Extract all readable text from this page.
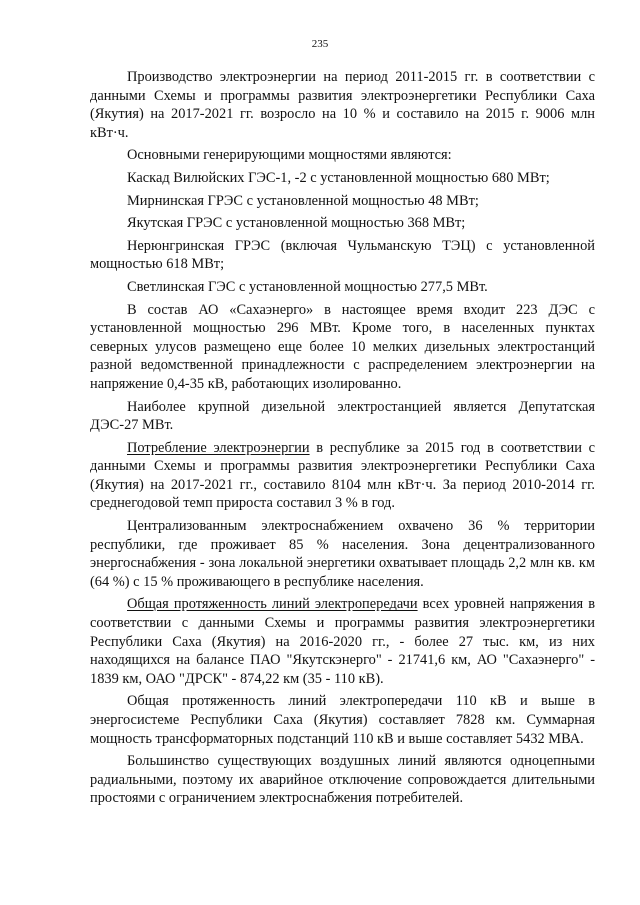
235

Производство электроэнергии на период 2011-2015 гг. в соответствии с данными Схемы и программы развития электроэнергетики Республики Саха (Якутия) на 2017-2021 гг. возросло на 10 % и составило на 2015 г. 9006 млн кВт·ч.

Основными генерирующими мощностями являются:

Каскад Вилюйских ГЭС-1, -2 с установленной мощностью 680 МВт;

Мирнинская ГРЭС с установленной мощностью 48 МВт;

Якутская ГРЭС с установленной мощностью 368 МВт;

Нерюнгринская ГРЭС (включая Чульманскую ТЭЦ) с установленной мощностью 618 МВт;

Светлинская ГЭС с установленной мощностью 277,5 МВт.

В состав АО «Сахаэнерго» в настоящее время входит 223 ДЭС с установленной мощностью 296 МВт. Кроме того, в населенных пунктах северных улусов размещено еще более 10 мелких дизельных электростанций разной ведомственной принадлежности с распределением электроэнергии на напряжение 0,4-35 кВ, работающих изолированно.

Наиболее крупной дизельной электростанцией является Депутатская ДЭС-27 МВт.

Потребление электроэнергии в республике за 2015 год в соответствии с данными Схемы и программы развития электроэнергетики Республики Саха (Якутия) на 2017-2021 гг., составило 8104 млн кВт·ч. За период 2010-2014 гг. среднегодовой темп прироста составил 3 % в год.

Централизованным электроснабжением охвачено 36 % территории республики, где проживает 85 % населения. Зона децентрализованного энергоснабжения - зона локальной энергетики охватывает площадь 2,2 млн кв. км (64 %) с 15 % проживающего в республике населения.

Общая протяженность линий электропередачи всех уровней напряжения в соответствии с данными Схемы и программы развития электроэнергетики Республики Саха (Якутия) на 2016-2020 гг., - более 27 тыс. км, из них находящихся на балансе ПАО "Якутскэнерго" - 21741,6 км, АО "Сахаэнерго" - 1839 км, ОАО "ДРСК" - 874,22 км (35 - 110 кВ).

Общая протяженность линий электропередачи 110 кВ и выше в энергосистеме Республики Саха (Якутия) составляет 7828 км. Суммарная мощность трансформаторных подстанций 110 кВ и выше составляет 5432 МВА.

Большинство существующих воздушных линий являются одноцепными радиальными, поэтому их аварийное отключение сопровождается длительными простоями с ограничением электроснабжения потребителей.
